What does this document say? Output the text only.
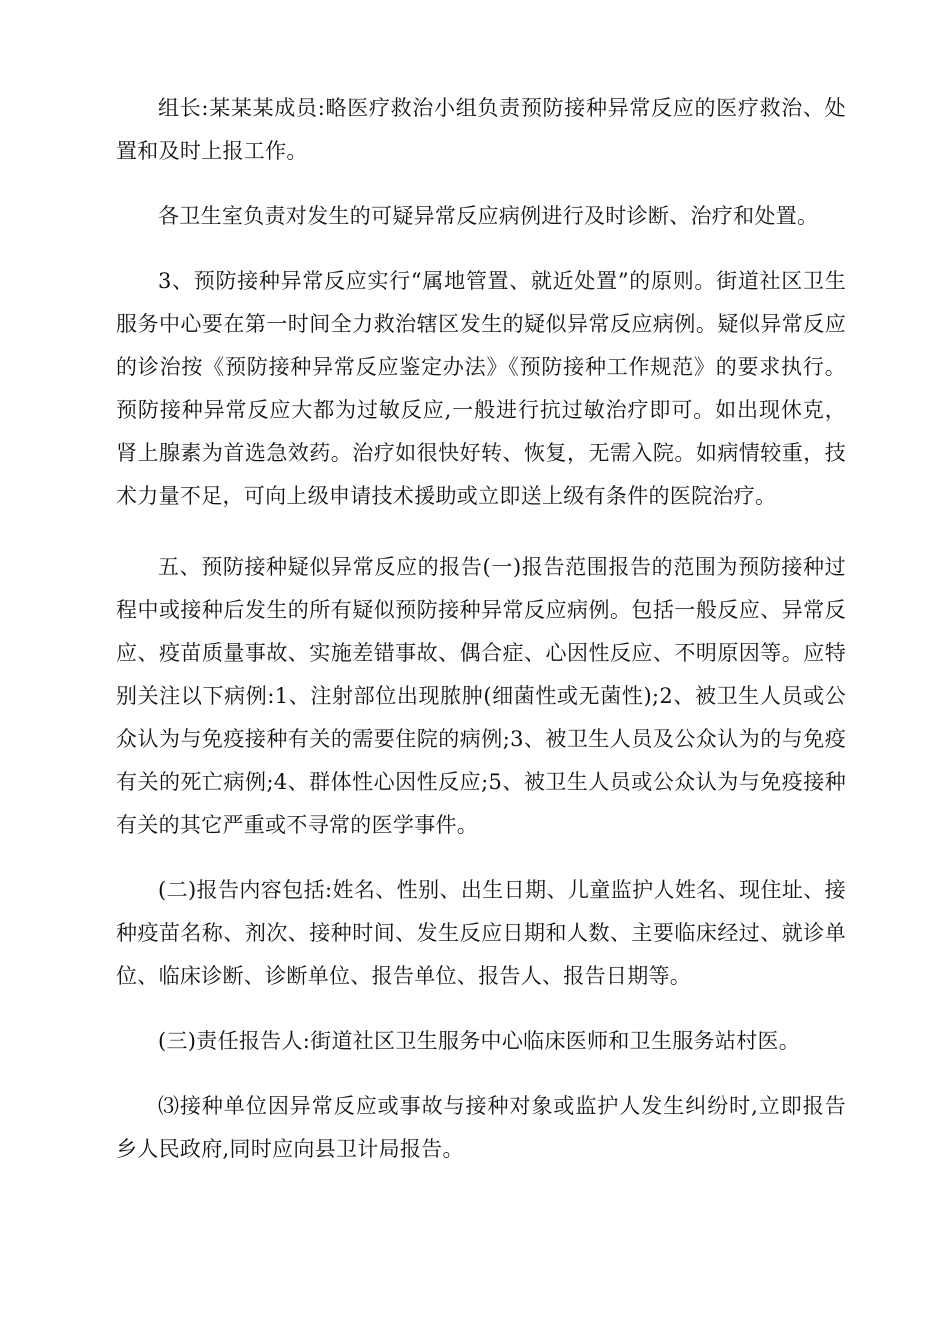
组长:某某某成员:略医疗救治小组负责预防接种异常反应的医疗救治、处置和及时上报工作。

各卫生室负责对发生的可疑异常反应病例进行及时诊断、治疗和处置。

3、预防接种异常反应实行“属地管置、就近处置”的原则。街道社区卫生服务中心要在第一时间全力救治辖区发生的疑似异常反应病例。疑似异常反应的诊治按《预防接种异常反应鉴定办法》《预防接种工作规范》的要求执行。预防接种异常反应大都为过敏反应,一般进行抗过敏治疗即可。如出现休克，肾上腺素为首选急效药。治疗如很快好转、恢复，无需入院。如病情较重，技术力量不足，可向上级申请技术援助或立即送上级有条件的医院治疗。

五、预防接种疑似异常反应的报告(一)报告范围报告的范围为预防接种过程中或接种后发生的所有疑似预防接种异常反应病例。包括一般反应、异常反应、疫苗质量事故、实施差错事故、偶合症、心因性反应、不明原因等。应特别关注以下病例:1、注射部位出现脓肿(细菌性或无菌性);2、被卫生人员或公众认为与免疫接种有关的需要住院的病例;3、被卫生人员及公众认为的与免疫有关的死亡病例;4、群体性心因性反应;5、被卫生人员或公众认为与免疫接种有关的其它严重或不寻常的医学事件。

(二)报告内容包括:姓名、性别、出生日期、儿童监护人姓名、现住址、接种疫苗名称、剂次、接种时间、发生反应日期和人数、主要临床经过、就诊单位、临床诊断、诊断单位、报告单位、报告人、报告日期等。

(三)责任报告人:街道社区卫生服务中心临床医师和卫生服务站村医。

⑶接种单位因异常反应或事故与接种对象或监护人发生纠纷时,立即报告乡人民政府,同时应向县卫计局报告。
